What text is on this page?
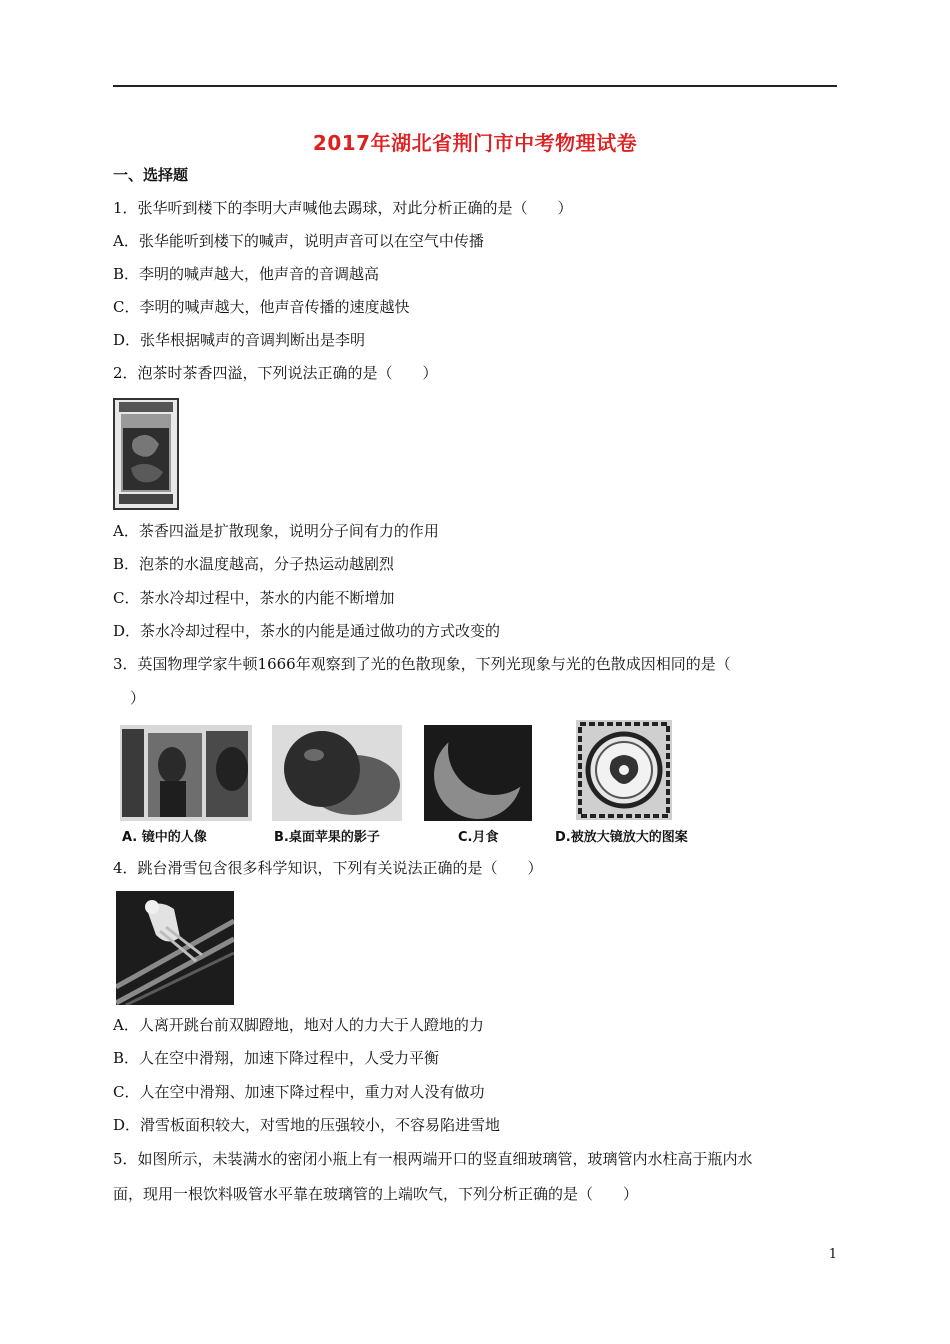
2017年湖北省荆门市中考物理试卷
一、选择题
1．张华听到楼下的李明大声喊他去踢球，对此分析正确的是（　　）
A．张华能听到楼下的喊声，说明声音可以在空气中传播
B．李明的喊声越大，他声音的音调越高
C．李明的喊声越大，他声音传播的速度越快
D．张华根据喊声的音调判断出是李明
2．泡茶时茶香四溢，下列说法正确的是（　　）
A．茶香四溢是扩散现象，说明分子间有力的作用
B．泡茶的水温度越高，分子热运动越剧烈
C．茶水冷却过程中，茶水的内能不断增加
D．茶水冷却过程中，茶水的内能是通过做功的方式改变的
3．英国物理学家牛顿1666年观察到了光的色散现象，下列光现象与光的色散成因相同的是（
）
A. 镜中的人像	B.桌面苹果的影子	C.月食	D.被放大镜放大的图案
4．跳台滑雪包含很多科学知识，下列有关说法正确的是（　　）
A．人离开跳台前双脚蹬地，地对人的力大于人蹬地的力
B．人在空中滑翔，加速下降过程中，人受力平衡
C．人在空中滑翔、加速下降过程中，重力对人没有做功
D．滑雪板面积较大，对雪地的压强较小，不容易陷进雪地
5．如图所示，未装满水的密闭小瓶上有一根两端开口的竖直细玻璃管，玻璃管内水柱高于瓶内水
面，现用一根饮料吸管水平靠在玻璃管的上端吹气，下列分析正确的是（　　）
1
